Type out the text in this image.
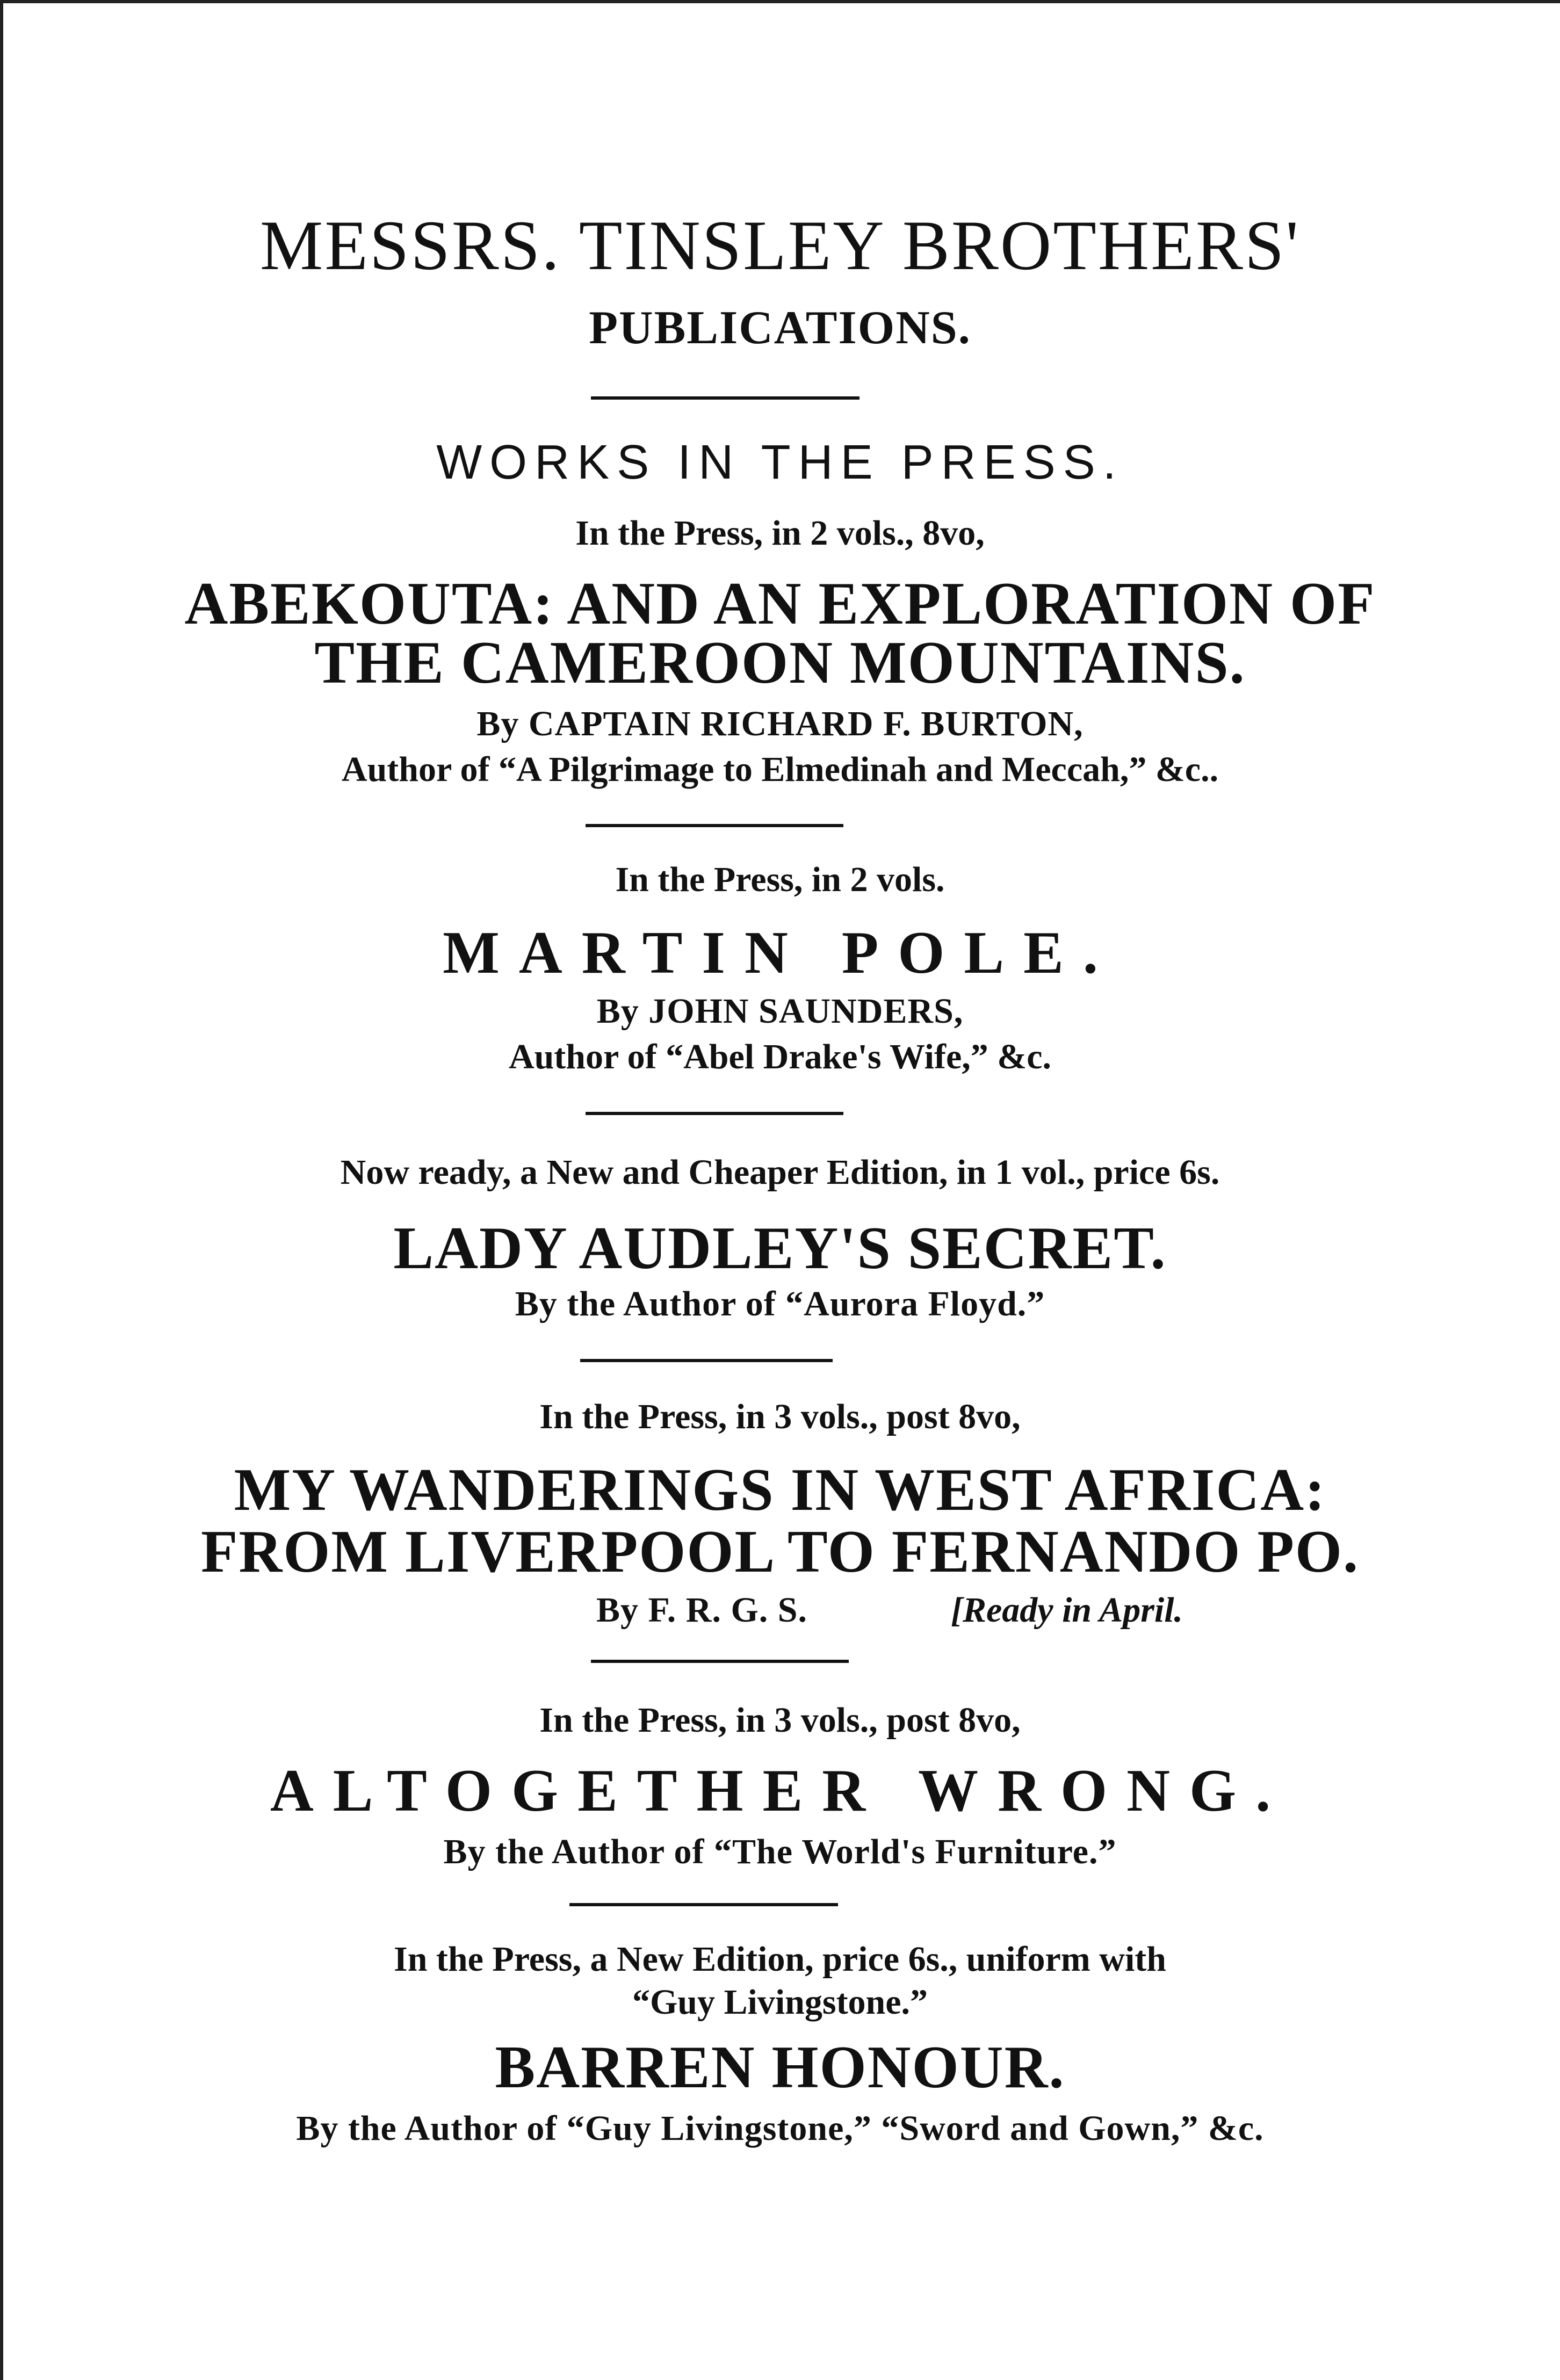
MESSRS. TINSLEY BROTHERS'
PUBLICATIONS.
WORKS IN THE PRESS.
In the Press, in 2 vols., 8vo,
ABEKOUTA: AND AN EXPLORATION OF
THE CAMEROON MOUNTAINS.
By CAPTAIN RICHARD F. BURTON,
Author of “A Pilgrimage to Elmedinah and Meccah,” &c..
In the Press, in 2 vols.
MARTIN POLE.
By JOHN SAUNDERS,
Author of “Abel Drake's Wife,” &c.
Now ready, a New and Cheaper Edition, in 1 vol., price 6s.
LADY AUDLEY'S SECRET.
By the Author of “Aurora Floyd.”
In the Press, in 3 vols., post 8vo,
MY WANDERINGS IN WEST AFRICA:
FROM LIVERPOOL TO FERNANDO PO.
By F. R. G. S.	[Ready in April.
In the Press, in 3 vols., post 8vo,
ALTOGETHER WRONG.
By the Author of “The World's Furniture.”
In the Press, a New Edition, price 6s., uniform with
“Guy Livingstone.”
BARREN HONOUR.
By the Author of “Guy Livingstone,” “Sword and Gown,” &c.
